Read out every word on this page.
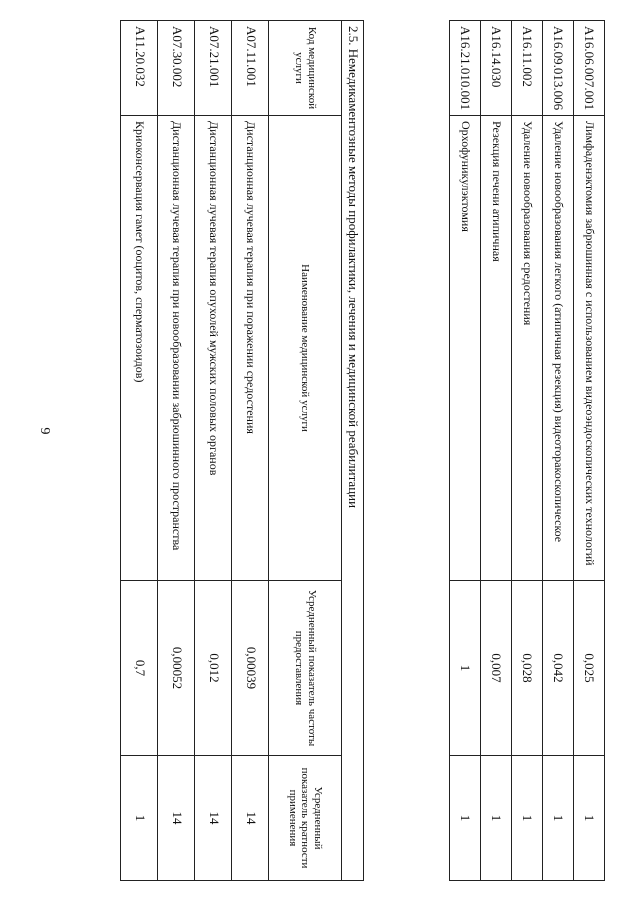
6
A16.06.007.001	Лимфаденэктомия забрюшинная с использованием видеоэндоскопических технологий	0,025	1
A16.09.013.006	Удаление новообразования легкого (атипичная резекция) видеоторакоскопическое	0,042	1
A16.11.002	Удаление новообразования средостения	0,028	1
A16.14.030	Резекция печени атипичная	0,007	1
A16.21.010.001	Орхофуникулэктомия	1	1
2.5. Немедикаментозные методы профилактики, лечения и медицинской реабилитации			
Код медицинской услуги	Наименование медицинской услуги	Усредненный показатель частоты предоставления	Усредненный показатель кратности применения
A07.11.001	Дистанционная лучевая терапия при поражении средостения	0,00039	14
A07.21.001	Дистанционная лучевая терапия опухолей мужских половых органов	0,012	14
A07.30.002	Дистанционная лучевая терапия при новообразовании забрюшинного пространства	0,00052	14
A11.20.032	Криоконсервация гамет (ооцитов, сперматозоидов)	0,7	1
